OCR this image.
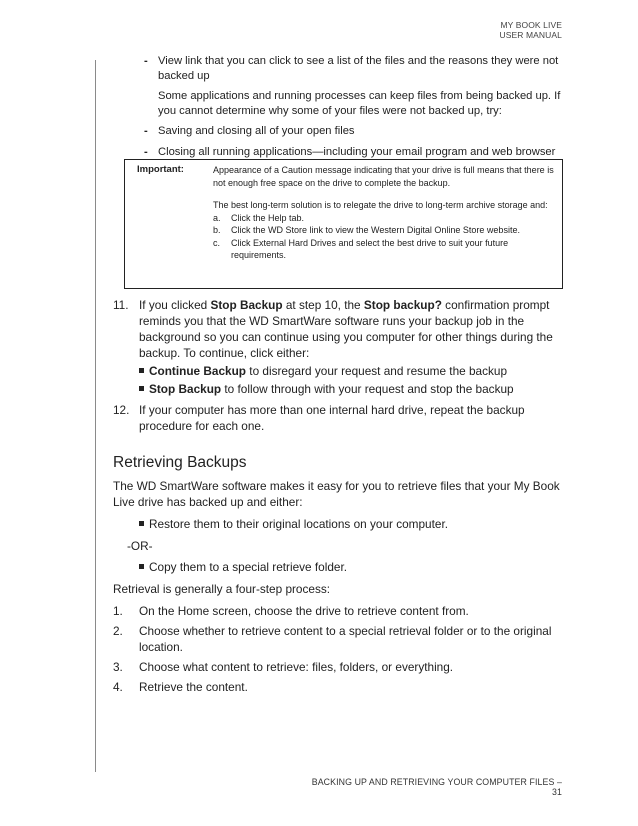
MY BOOK LIVE
USER MANUAL
- View link that you can click to see a list of the files and the reasons they were not backed up
Some applications and running processes can keep files from being backed up. If you cannot determine why some of your files were not backed up, try:
- Saving and closing all of your open files
- Closing all running applications—including your email program and web browser
Important:	Appearance of a Caution message indicating that your drive is full means that there is not enough free space on the drive to complete the backup.

The best long-term solution is to relegate the drive to long-term archive storage and:

a. Click the Help tab.
b. Click the WD Store link to view the Western Digital Online Store website.
c. Click External Hard Drives and select the best drive to suit your future requirements.
11. If you clicked Stop Backup at step 10, the Stop backup? confirmation prompt reminds you that the WD SmartWare software runs your backup job in the background so you can continue using you computer for other things during the backup. To continue, click either:
Continue Backup to disregard your request and resume the backup
Stop Backup to follow through with your request and stop the backup
12. If your computer has more than one internal hard drive, repeat the backup procedure for each one.
Retrieving Backups
The WD SmartWare software makes it easy for you to retrieve files that your My Book Live drive has backed up and either:
Restore them to their original locations on your computer.
-OR-
Copy them to a special retrieve folder.
Retrieval is generally a four-step process:
1. On the Home screen, choose the drive to retrieve content from.
2. Choose whether to retrieve content to a special retrieval folder or to the original location.
3. Choose what content to retrieve: files, folders, or everything.
4. Retrieve the content.
BACKING UP AND RETRIEVING YOUR COMPUTER FILES – 31
